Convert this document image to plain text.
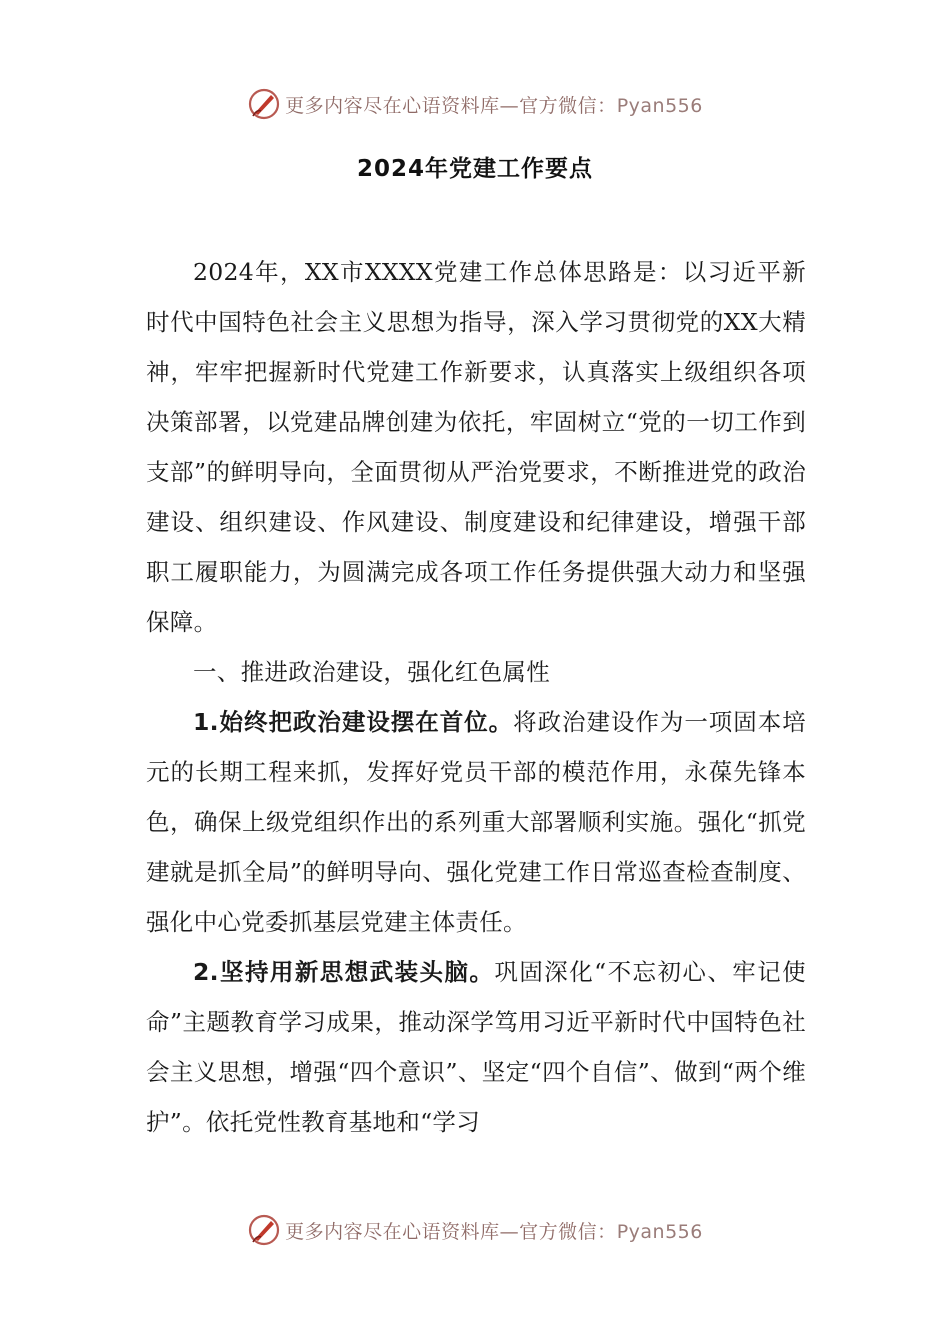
更多内容尽在心语资料库—官方微信：Pyan556
2024年党建工作要点

2024年，XX市XXXX党建工作总体思路是：以习近平新时代中国特色社会主义思想为指导，深入学习贯彻党的XX大精神，牢牢把握新时代党建工作新要求，认真落实上级组织各项决策部署，以党建品牌创建为依托，牢固树立“党的一切工作到支部”的鲜明导向，全面贯彻从严治党要求，不断推进党的政治建设、组织建设、作风建设、制度建设和纪律建设，增强干部职工履职能力，为圆满完成各项工作任务提供强大动力和坚强保障。

一、推进政治建设，强化红色属性

1.始终把政治建设摆在首位。将政治建设作为一项固本培元的长期工程来抓，发挥好党员干部的模范作用，永葆先锋本色，确保上级党组织作出的系列重大部署顺利实施。强化“抓党建就是抓全局”的鲜明导向、强化党建工作日常巡查检查制度、强化中心党委抓基层党建主体责任。

2.坚持用新思想武装头脑。巩固深化“不忘初心、牢记使命”主题教育学习成果，推动深学笃用习近平新时代中国特色社会主义思想，增强“四个意识”、坚定“四个自信”、做到“两个维护”。依托党性教育基地和“学习

更多内容尽在心语资料库—官方微信：Pyan556
